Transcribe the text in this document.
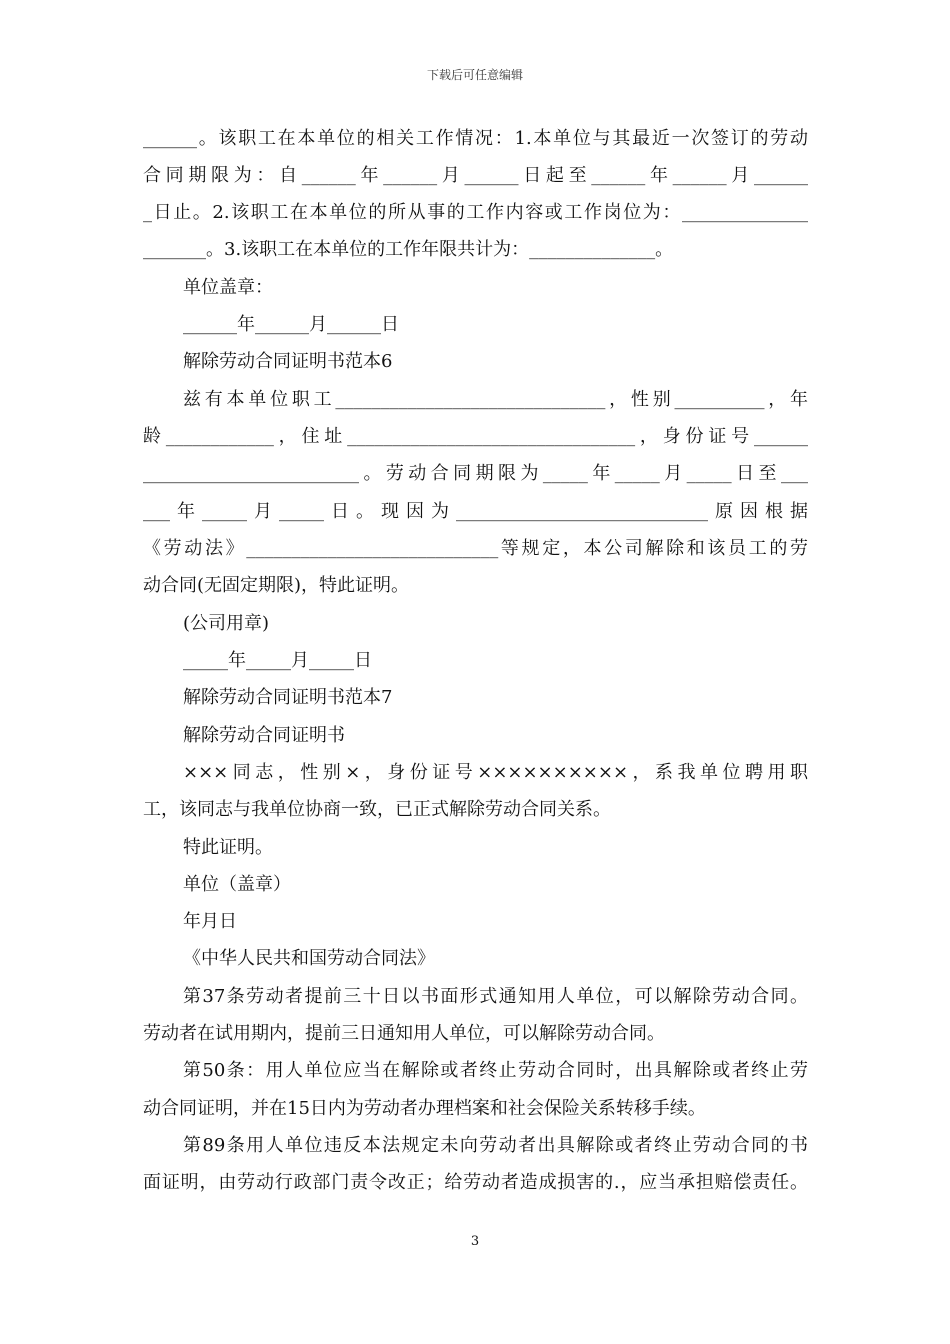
下载后可任意编辑
______。该职工在本单位的相关工作情况：1.本单位与其最近一次签订的劳动
合同期限为：自______年______月______日起至______年______月______
_日止。2.该职工在本单位的所从事的工作内容或工作岗位为：______________
_______。3.该职工在本单位的工作年限共计为：______________。
单位盖章：
______年______月______日
解除劳动合同证明书范本6
兹有本单位职工______________________________，性别__________，年
龄____________，住址________________________________，身份证号______
________________________。劳动合同期限为_____年_____月_____日至___
___年_____月_____日。现因为____________________________原因根据
《劳动法》____________________________等规定，本公司解除和该员工的劳
动合同(无固定期限)，特此证明。
(公司用章)
_____年_____月_____日
解除劳动合同证明书范本7
解除劳动合同证明书
×××同志，性别×，身份证号××××××××××，系我单位聘用职
工，该同志与我单位协商一致，已正式解除劳动合同关系。
特此证明。
单位（盖章）
年月日
《中华人民共和国劳动合同法》
第37条劳动者提前三十日以书面形式通知用人单位，可以解除劳动合同。
劳动者在试用期内，提前三日通知用人单位，可以解除劳动合同。
第50条：用人单位应当在解除或者终止劳动合同时，出具解除或者终止劳
动合同证明，并在15日内为劳动者办理档案和社会保险关系转移手续。
第89条用人单位违反本法规定未向劳动者出具解除或者终止劳动合同的书
面证明，由劳动行政部门责令改正；给劳动者造成损害的.，应当承担赔偿责任。
3
